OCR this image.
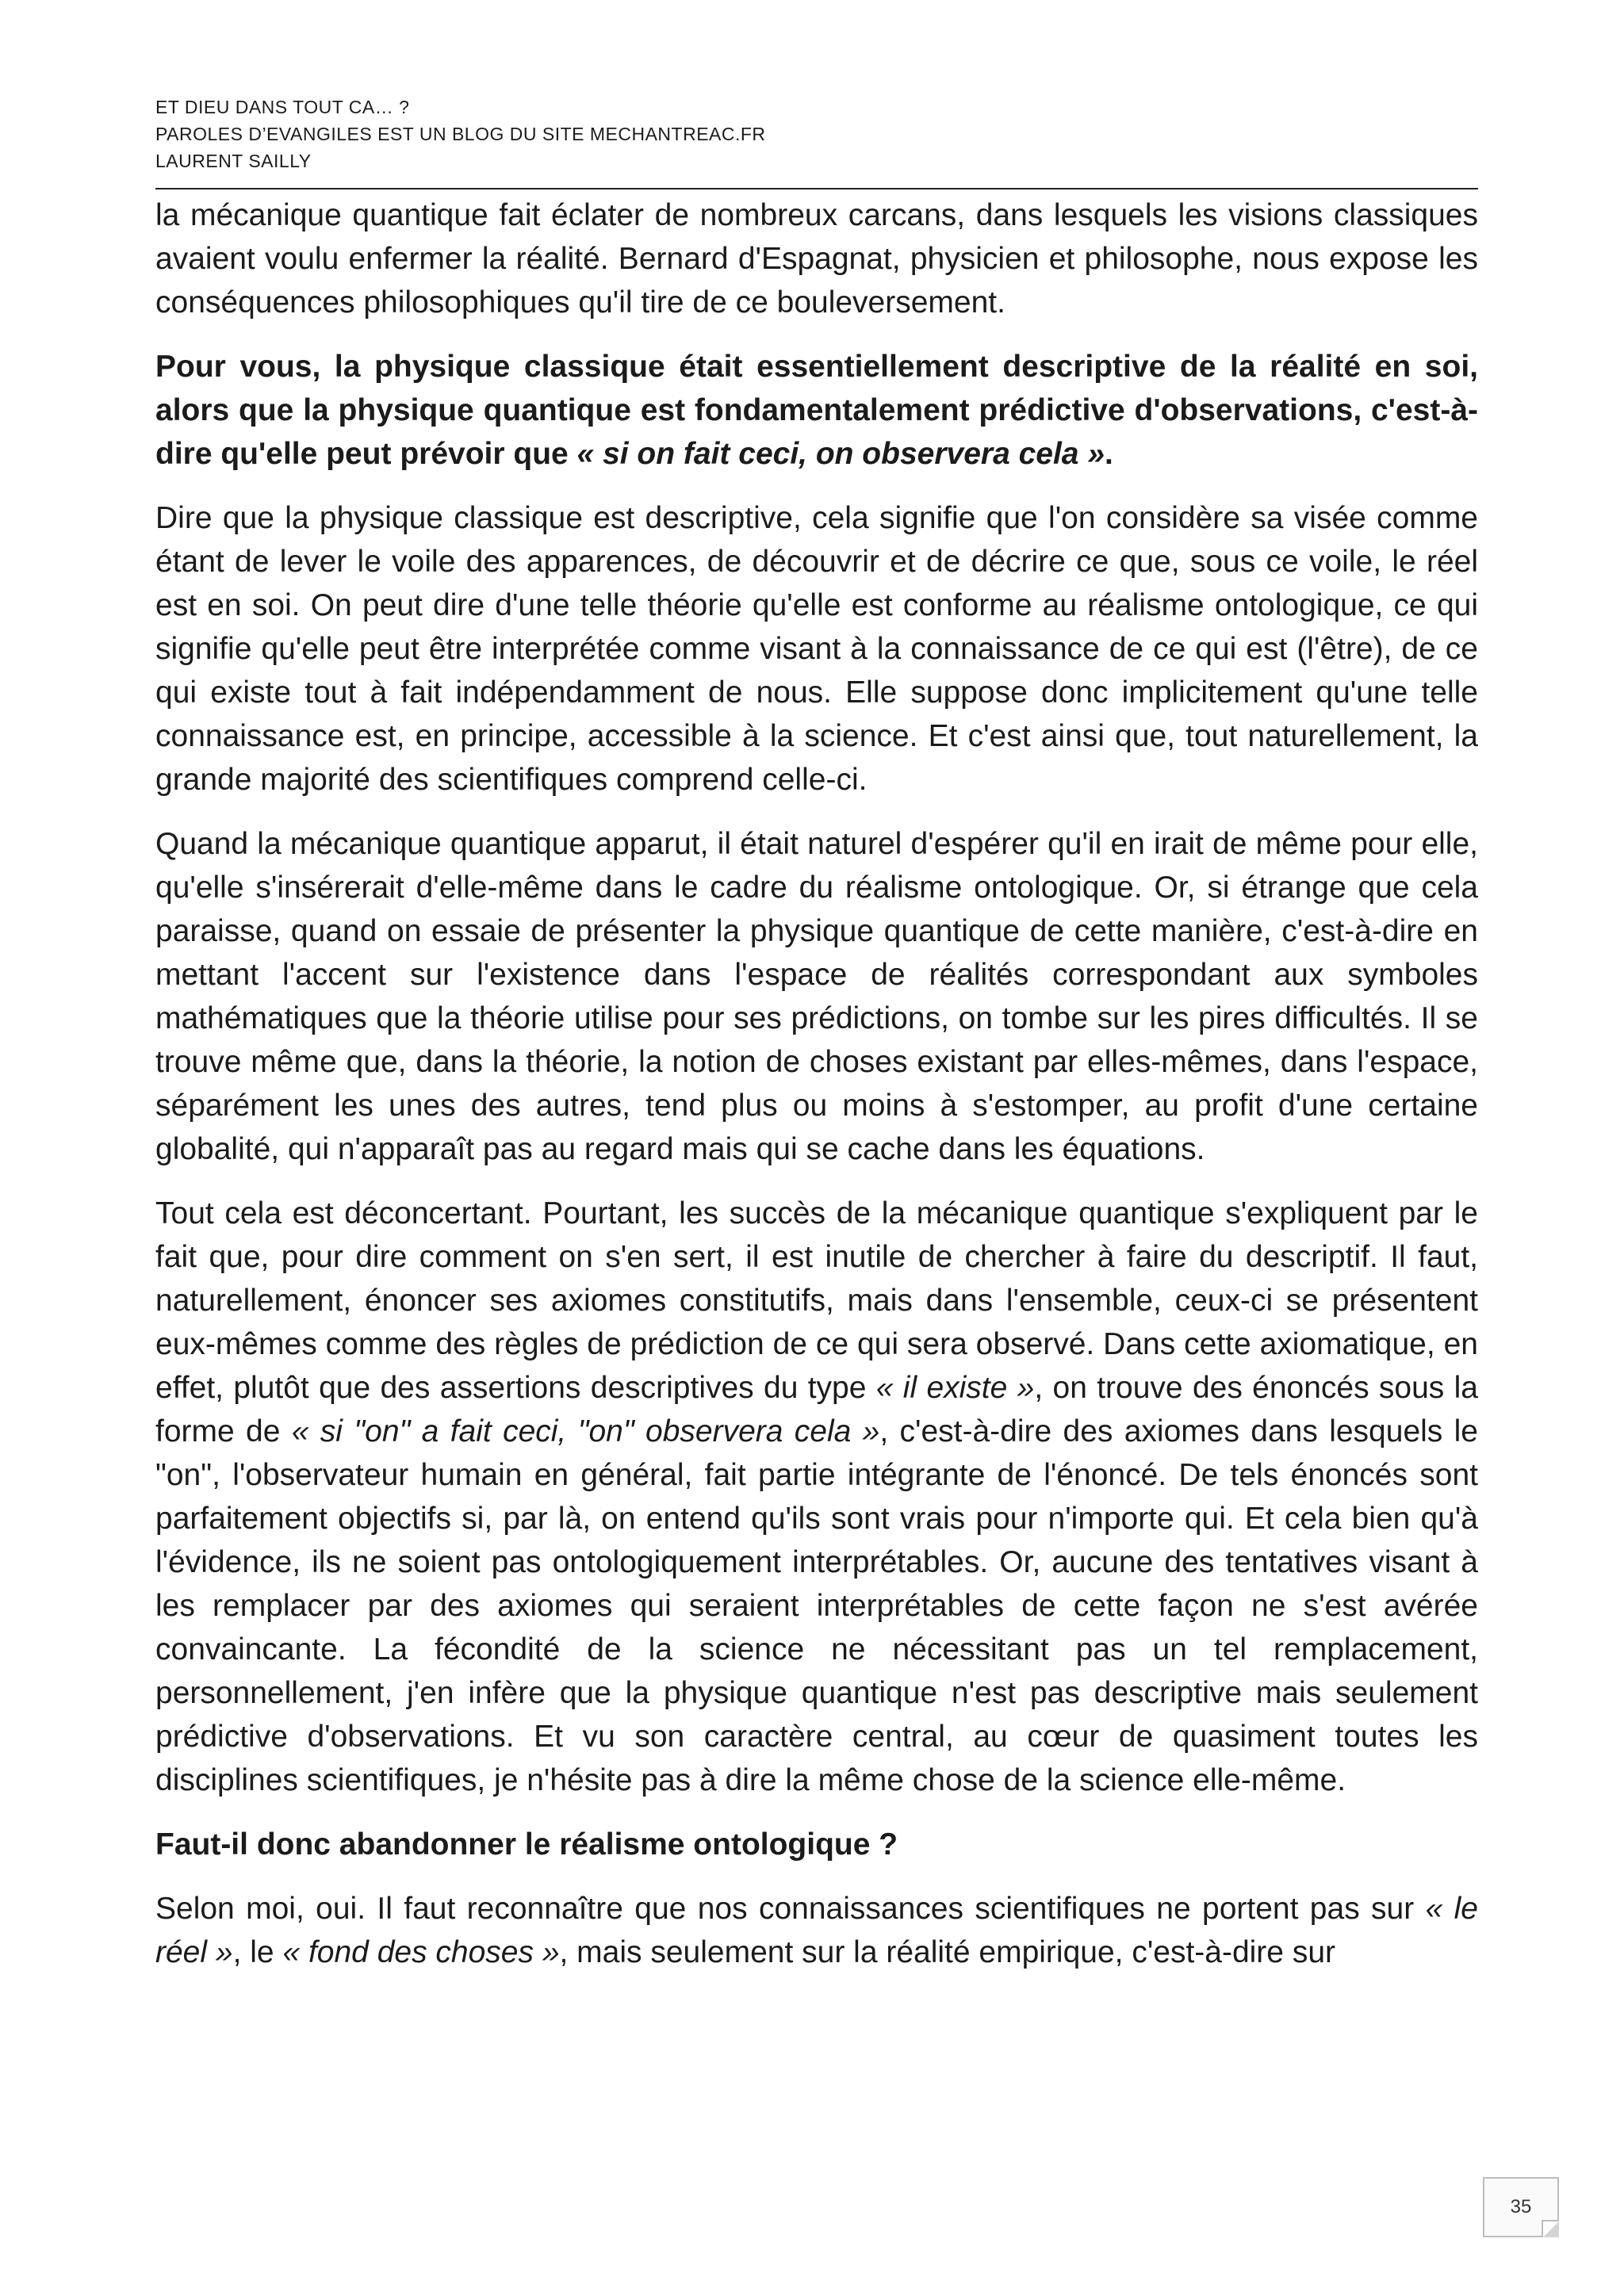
ET DIEU DANS TOUT CA… ?
PAROLES D’EVANGILES EST UN BLOG DU SITE MECHANTREAC.FR
LAURENT SAILLY

la mécanique quantique fait éclater de nombreux carcans, dans lesquels les visions classiques avaient voulu enfermer la réalité. Bernard d'Espagnat, physicien et philosophe, nous expose les conséquences philosophiques qu'il tire de ce bouleversement.

Pour vous, la physique classique était essentiellement descriptive de la réalité en soi, alors que la physique quantique est fondamentalement prédictive d'observations, c'est-à-dire qu'elle peut prévoir que « si on fait ceci, on observera cela ».

Dire que la physique classique est descriptive, cela signifie que l'on considère sa visée comme étant de lever le voile des apparences, de découvrir et de décrire ce que, sous ce voile, le réel est en soi. On peut dire d'une telle théorie qu'elle est conforme au réalisme ontologique, ce qui signifie qu'elle peut être interprétée comme visant à la connaissance de ce qui est (l'être), de ce qui existe tout à fait indépendamment de nous. Elle suppose donc implicitement qu'une telle connaissance est, en principe, accessible à la science. Et c'est ainsi que, tout naturellement, la grande majorité des scientifiques comprend celle-ci.

Quand la mécanique quantique apparut, il était naturel d'espérer qu'il en irait de même pour elle, qu'elle s'insérerait d'elle-même dans le cadre du réalisme ontologique. Or, si étrange que cela paraisse, quand on essaie de présenter la physique quantique de cette manière, c'est-à-dire en mettant l'accent sur l'existence dans l'espace de réalités correspondant aux symboles mathématiques que la théorie utilise pour ses prédictions, on tombe sur les pires difficultés. Il se trouve même que, dans la théorie, la notion de choses existant par elles-mêmes, dans l'espace, séparément les unes des autres, tend plus ou moins à s'estomper, au profit d'une certaine globalité, qui n'apparaît pas au regard mais qui se cache dans les équations.

Tout cela est déconcertant. Pourtant, les succès de la mécanique quantique s'expliquent par le fait que, pour dire comment on s'en sert, il est inutile de chercher à faire du descriptif. Il faut, naturellement, énoncer ses axiomes constitutifs, mais dans l'ensemble, ceux-ci se présentent eux-mêmes comme des règles de prédiction de ce qui sera observé. Dans cette axiomatique, en effet, plutôt que des assertions descriptives du type « il existe », on trouve des énoncés sous la forme de « si "on" a fait ceci, "on" observera cela », c'est-à-dire des axiomes dans lesquels le "on", l'observateur humain en général, fait partie intégrante de l'énoncé. De tels énoncés sont parfaitement objectifs si, par là, on entend qu'ils sont vrais pour n'importe qui. Et cela bien qu'à l'évidence, ils ne soient pas ontologiquement interprétables. Or, aucune des tentatives visant à les remplacer par des axiomes qui seraient interprétables de cette façon ne s'est avérée convaincante. La fécondité de la science ne nécessitant pas un tel remplacement, personnellement, j'en infère que la physique quantique n'est pas descriptive mais seulement prédictive d'observations. Et vu son caractère central, au cœur de quasiment toutes les disciplines scientifiques, je n'hésite pas à dire la même chose de la science elle-même.

Faut-il donc abandonner le réalisme ontologique ?

Selon moi, oui. Il faut reconnaître que nos connaissances scientifiques ne portent pas sur « le réel », le « fond des choses », mais seulement sur la réalité empirique, c'est-à-dire sur

35
